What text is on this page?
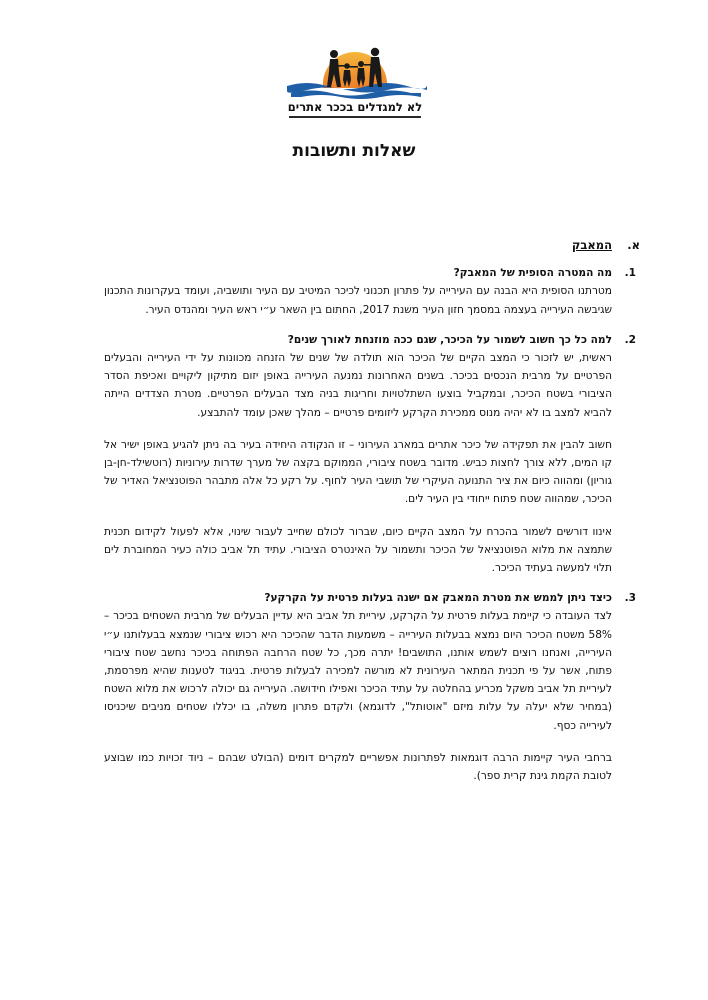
לא למגדלים בככר אתרים
שאלות ותשובות
א.
המאבק
1.

מה המטרה הסופית של המאבק?

מטרתנו הסופית היא הבנה עם העירייה על פתרון תכנוני לכיכר המיטיב עם העיר ותושביה, ועומד בעקרונות התכנון שגיבשה העירייה בעצמה במסמך חזון העיר משנת 2017, החתום בין השאר ע״י ראש העיר ומהנדס העיר.

2.

למה כל כך חשוב לשמור על הכיכר, שגם ככה מוזנחת לאורך שנים?

ראשית, יש לזכור כי המצב הקיים של הכיכר הוא תולדה של שנים של הזנחה מכוונות על ידי העירייה והבעלים הפרטיים על מרבית הנכסים בכיכר. בשנים האחרונות נמנעה העירייה באופן יזום מתיקון ליקויים ואכיפת הסדר הציבורי בשטח הכיכר, ובמקביל בוצעו השתלטויות וחריגות בניה מצד הבעלים הפרטיים. מטרת הצדדים הייתה להביא למצב בו לא יהיה מנוס ממכירת הקרקע ליזומים פרטיים – מהלך שאכן עומד להתבצע.

חשוב להבין את תפקידה של כיכר אתרים במארג העירוני – זו הנקודה היחידה בעיר בה ניתן להגיע באופן ישיר אל קו המים, ללא צורך לחצות כביש. מדובר בשטח ציבורי, הממוקם בקצה של מערך שדרות עירוניות (רוטשילד-חן-בן גוריון) ומהווה כיום את ציר התנועה העיקרי של תושבי העיר לחוף. על רקע כל אלה מתבהר הפוטנציאל האדיר של הכיכר, שמהווה שטח פתוח ייחודי בין העיר לים.

אינוו דורשים לשמור בהכרח על המצב הקיים כיום, שברור לכולם שחייב לעבור שינוי, אלא לפעול לקידום תכנית שתמצה את מלוא הפוטנציאל של הכיכר ותשמור על האינטרס הציבורי. עתיד תל אביב כולה כעיר המחוברת לים תלוי למעשה בעתיד הכיכר.

3.

כיצד ניתן לממש את מטרת המאבק אם ישנה בעלות פרטית על הקרקע?

לצד העובדה כי קיימת בעלות פרטית על הקרקע, עיריית תל אביב היא עדיין הבעלים של מרבית השטחים בכיכר – 58% משטח הכיכר היום נמצא בבעלות העירייה – משמעות הדבר שהכיכר היא רכוש ציבורי שנמצא בבעלותנו ע״י העירייה, ואנחנו רוצים לשמש אותנו, התושבים! יתרה מכך, כל שטח הרחבה הפתוחה בכיכר נחשב שטח ציבורי פתוח, אשר על פי תכנית המתאר העירונית לא מורשה למכירה לבעלות פרטית. בניגוד לטענות שהיא מפרסמת, לעיריית תל אביב משקל מכריע בהחלטה על עתיד הכיכר ואפילו חידושה. העירייה גם יכולה לרכוש את מלוא השטח (במחיר שלא יעלה על עלות מיזם "אוטותל", לדוגמא) ולקדם פתרון משלה, בו יכללו שטחים מניבים שיכניסו לעירייה כסף.

ברחבי העיר קיימות הרבה דוגמאות לפתרונות אפשריים למקרים דומים (הבולט שבהם – ניוד זכויות כמו שבוצע לטובת הקמת גינת קרית ספר).
